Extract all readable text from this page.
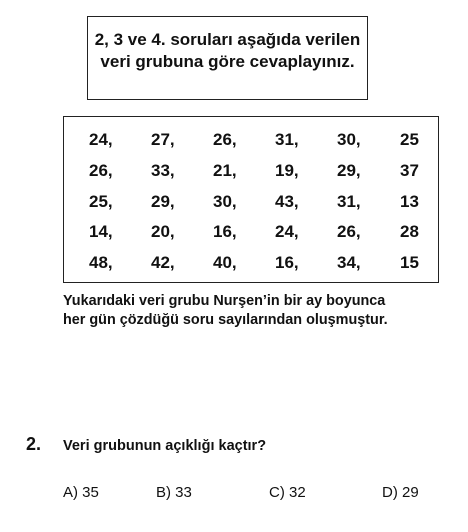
2, 3 ve 4. soruları aşağıda verilen
veri grubuna göre cevaplayınız.
24, 27, 26, 31, 30, 25
26, 33, 21, 19, 29, 37
25, 29, 30, 43, 31, 13
14, 20, 16, 24, 26, 28
48, 42, 40, 16, 34, 15
Yukarıdaki veri grubu Nurşen’in bir ay boyunca
her gün çözdüğü soru sayılarından oluşmuştur.
2. Veri grubunun açıklığı kaçtır?
A) 35	B) 33	C) 32	D) 29
